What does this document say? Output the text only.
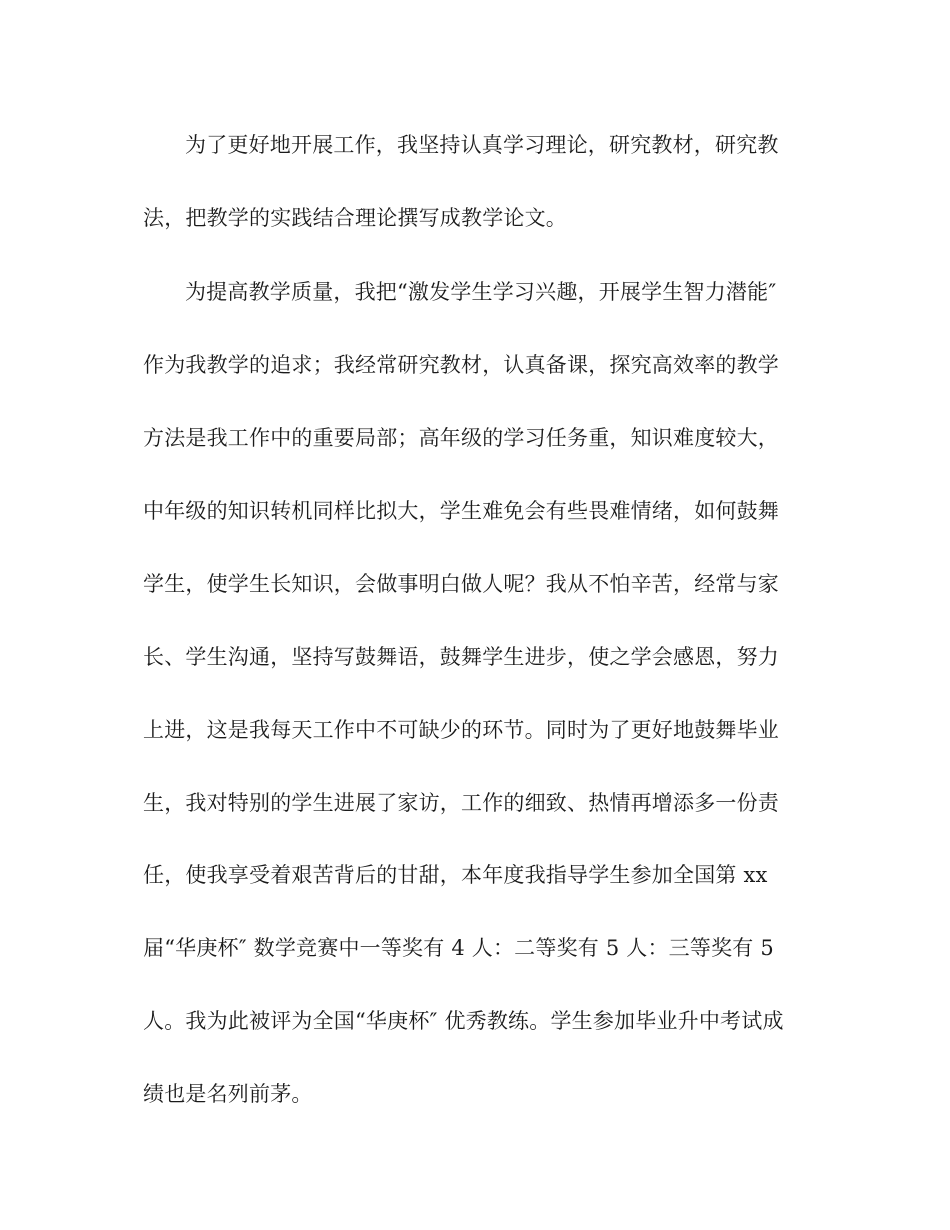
为了更好地开展工作，我坚持认真学习理论，研究教材，研究教
法，把教学的实践结合理论撰写成教学论文。
为提高教学质量，我把“激发学生学习兴趣，开展学生智力潜能″
作为我教学的追求；我经常研究教材，认真备课，探究高效率的教学
方法是我工作中的重要局部；高年级的学习任务重，知识难度较大，
中年级的知识转机同样比拟大，学生难免会有些畏难情绪，如何鼓舞
学生，使学生长知识，会做事明白做人呢？我从不怕辛苦，经常与家
长、学生沟通，坚持写鼓舞语，鼓舞学生进步，使之学会感恩，努力
上进，这是我每天工作中不可缺少的环节。同时为了更好地鼓舞毕业
生，我对特别的学生进展了家访，工作的细致、热情再增添多一份责
任，使我享受着艰苦背后的甘甜，本年度我指导学生参加全国第 xx
届“华庚杯″ 数学竞赛中一等奖有 4 人：二等奖有 5 人：三等奖有 5
人。我为此被评为全国“华庚杯″ 优秀教练。学生参加毕业升中考试成
绩也是名列前茅。
